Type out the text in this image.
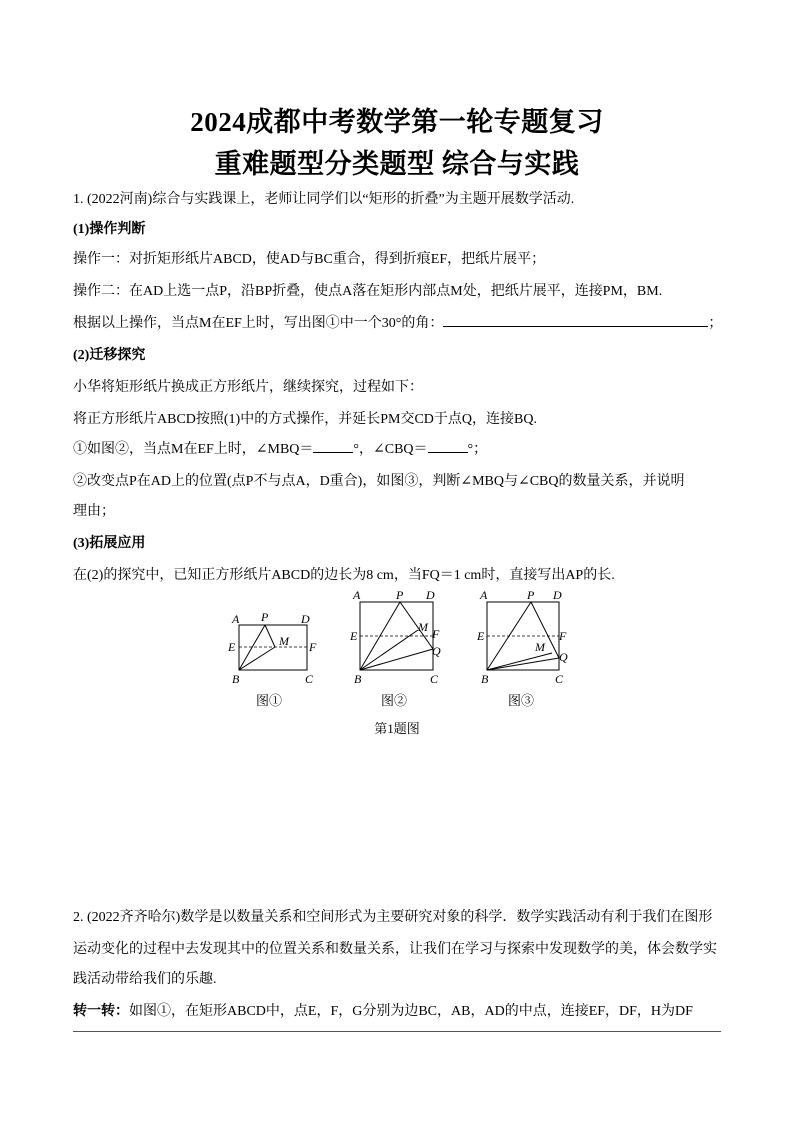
2024成都中考数学第一轮专题复习
重难题型分类题型 综合与实践
1. (2022河南)综合与实践课上，老师让同学们以“矩形的折叠”为主题开展数学活动.
(1)操作判断
操作一：对折矩形纸片ABCD，使AD与BC重合，得到折痕EF，把纸片展平；
操作二：在AD上选一点P，沿BP折叠，使点A落在矩形内部点M处，把纸片展平，连接PM，BM.
根据以上操作，当点M在EF上时，写出图①中一个30°的角：	；
(2)迁移探究
小华将矩形纸片换成正方形纸片，继续探究，过程如下：
将正方形纸片ABCD按照(1)中的方式操作，并延长PM交CD于点Q，连接BQ.
①如图②，当点M在EF上时，∠MBQ＝	°，∠CBQ＝	°；
②改变点P在AD上的位置(点P不与点A，D重合)，如图③，判断∠MBQ与∠CBQ的数量关系，并说明
理由；
(3)拓展应用
在(2)的探究中，已知正方形纸片ABCD的边长为8 cm，当FQ＝1 cm时，直接写出AP的长.
A P	D
E	F
M
B	C
图①
A	P D
E	F
M
Q
B	C
图②
A	P D
E	F
M
Q
B	C
图③
第1题图
2. (2022齐齐哈尔)数学是以数量关系和空间形式为主要研究对象的科学．数学实践活动有利于我们在图形
运动变化的过程中去发现其中的位置关系和数量关系，让我们在学习与探索中发现数学的美，体会数学实
践活动带给我们的乐趣.
转一转：如图①，在矩形ABCD中，点E，F，G分别为边BC，AB，AD的中点，连接EF，DF，H为DF
